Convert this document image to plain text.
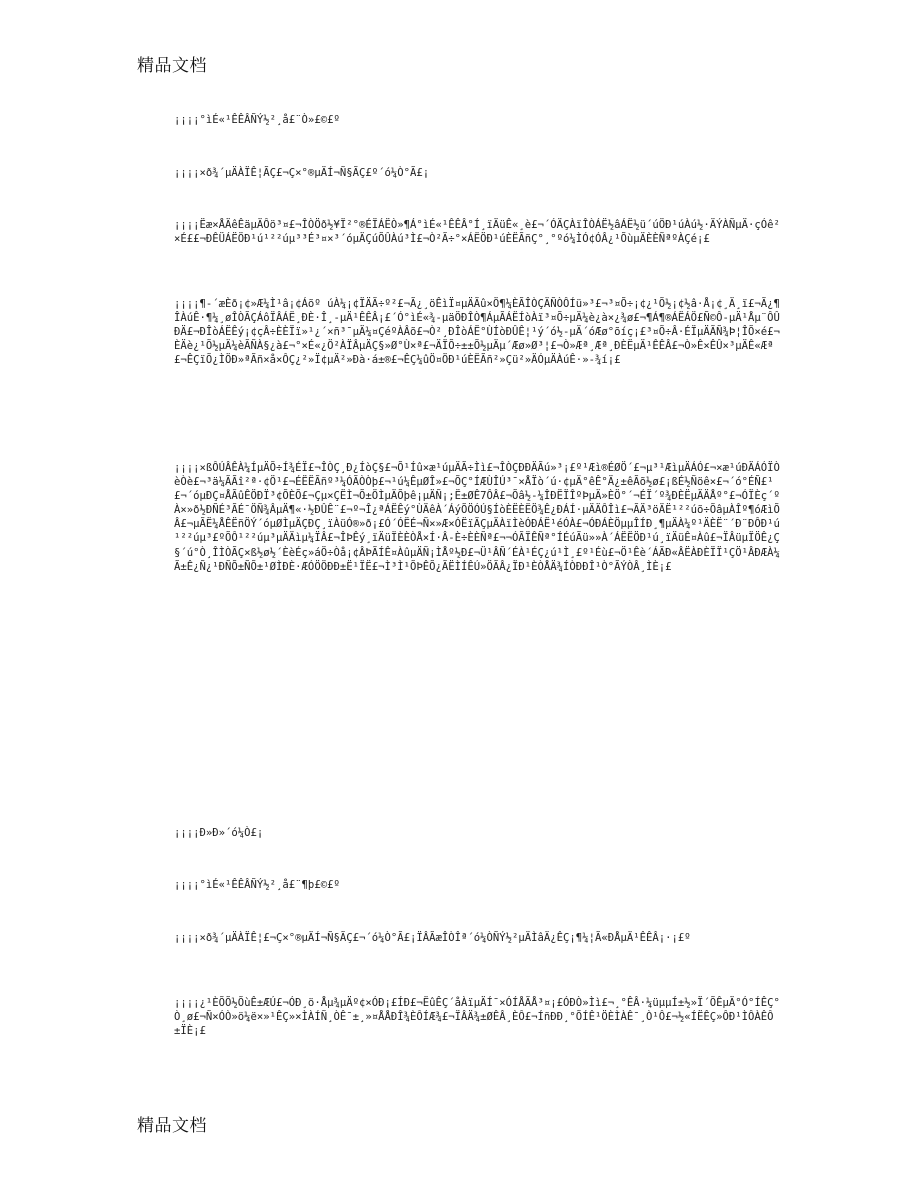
精品文档

¡¡¡¡°ìÉ«¹ÊÊÂÑÝ½²¸å£¨Ò»£©£º

¡¡¡¡×ð¾´µÄÀÏÊ¦ÃÇ£¬Ç×°®µÄÍ¬Ñ§ÃÇ£º´ó¼Ò°Ã£¡

¡¡¡¡Ëæ×ÅÄêÊäµÄÔö³¤£¬ÎÒÖð½¥Ï²°®ÉÏÁËÒ»¶Á°ìÉ«¹ÊÊÂ°Í¸ïÄüÊ«¸è£¬´ÓÄÇÀïÎÒÁË½âÁË½ü´úÖÐ¹úÀú½·ÄÝÀÑµÄ·çÓê²×É££¬ÐÊÜÁËÖÐ¹ú¹²²úµ³³É³¤×³´óµÄÇúÕÛÀú³Ì£¬Ò²Ã÷°×ÁËÖÐ¹úÈËÃñÇ°¸°ºó¼ÌÓ¢ÓÂ¿¹ÕùµÄÈÈÑªºÀÇé¡£

¡¡¡¡¶-´æÈð¡¢»Æ¼Ì¹â¡¢Áõº úÀ¼¡¢ÏÄÃ÷º²£¬Ã¿¸öÊìÏ¤µÄÃû×Ö¶¼ÈÃÎÒÇÄÑÒÔÍü»³£¬³¤Õ÷¡¢¿¹Õ½¡¢½â·Å¡¢¸Ä¸ï£¬Ã¿¶ÎÀúÊ·¶¼¸øÎÒÃÇÁôÏÂÁË¸ÐÈ·Î¸-µÄ¹ÊÊÂ¡£´Ó°ìÉ«¾-µäÖÐÎÒ¶ÁµÃÁËÍòÀï³¤Õ÷µÄ¼è¿à×¿¾ø£¬¶Á¶®ÁËÁÖ£Ñ©Ô-µÄ¹Åµ¨ÔÛÐÄ£¬ÐÎòÁËÊý¡¢çÂ÷ÈÈÏï»¹¿´×ñ³¯µÄ¼¤ÇéºÀÂõ£¬Ò²¸ÐÎòÁË°ÙÍòÐÛÊ¦¹ý´ó½-µÄ´óÆø°õíç¡£³¤Õ÷Â·ÉÏµÄÃÑ¾Þ¦ÎÕ×é£¬ÈÄè¿¹Õ½µÄ¼èÃÑÀ§¿à£¬°×É«¿Ö²ÀÏÂµÄÇ§»Ø°Ù×ª£¬ÄÏÕ÷±±Õ½µÄµ´Æø»Ø³¦£¬Ò»Æª¸Æª¸ÐÈËµÄ¹ÊÊÂ£¬Ò»Ê×ÊÛ×³µÄÊ«Æª£¬ÊÇïÕ¿ÌÖÐ»ªÃñ×å×ÔÇ¿²»Ï¢µÄ²»Ðà·á±®£¬ÊÇ¼ûÖ¤ÖÐ¹úÈËÃñ²»Çü²»ÄÓµÄÀúÊ·»-¾í¡£

¡¡¡¡×ßÔÚÂÊÀ¼ÍµÄÕ÷Í¾ÉÏ£¬ÎÒÇ¸Ð¿ÍòÇ§£¬Õ¹Íû×æ¹úµÄÃ÷Ìì£¬ÎÒÇÐÐÄÃú»³¡£º¹Æì®ÉØÖ´£¬µ³¹ÆìµÄÁÓ£¬×æ¹úÐÄÁÓÏÒèÒè£¬³ä¼ÃÃî²ª·¢Ö¹£¬ÉËËÃñº³¼ÓÃÒÒþ£¬¹ú¼ÊµØÎ»£¬ÕÇ°ÍÆÙÎÚ³¯×ÅÏò´ú·¢µÄ°êÊ°Ä¿±êÃõ½ø£¡ßÉ½Ñöê×£¬´ó°ÉÑ£¹£¬´óµÐÇ¤ÅÃûÊÖÐÏ³¢ÕÈÕ£¬Çµ×ÇËÌ¬Õ±ÖÌµÄÕþê¡µÄÑ¡;Ë±ØÊ7ÔÂ£¬Õâ½-¼ÎÐËÏÎºÞµÄ»ÈÖ°´¬ÉÏ´º¾ÐÈËµÄÄÅº°£¬ÓÏÈç´ºÀ×»ð½ÐÑÉ³ÃÉ¯ÖÑ¾ÂµÄ¶«·½ÐÛÊ¨£¬º¬Î¿ªÁËÊý°ÙÄêÀ´ÁýÕÖÓÚ§ÍòÈËÈËÖ¾Ê¿ÐÁÍ·µÄÄÔÎì£¬ÃÄ³öÄË¹²²úõ÷ÕâµÀÎº¶óÆìÕÂ£¬µÃË¼ÅÊËñÖÝ´óµØÌµÄÇÐÇ¸ïÀüÓ®»ð¡£Ó´ÓËÉ¬Ñ×»Æ×ÓËïÃÇµÄÀïÌèÓÐÁË¹éÓÀ£¬ÓÐÁÈÖµµÎÍÐ¸¶µÄÀ¼º¹ÄÈË¨´Ð¨ÐÔÐ¹ú¹²²úµ³£ºÕÔ¹²²úµ³µÄÄìµ¼ÏÂ£¬ÎÞÊý¸ïÄüÏÈÈÒÅ×Í·Â-È÷ÈÈÑª£¬¬ÓÃÏÊÑª°ÍÉúÃü»»À´ÁËËÖÐ¹ú¸ïÄüÊ¤Àû£¬ÏÂüµÏÖÊ¿Ç§´ú°Ò¸ÎÌÒÃÇ×ß½ø½´ÈèÉç»áÖ÷Òå¡¢ÂÞÃÍÊ¤ÀûµÄÑ¡ÌÅº½Ð£¬Ü¹ÂÑ´ÉÀ¹ÉÇ¿ú¹Ì¸£º¹Éù£¬Ö¹Êè´ÁÃÐ«ÂËÀÐÈÏÏ¹ÇÖ¹ÂÐÆÀ¼Ã±Ê¿Ñ¿¹ÐÑÕ±ÑÕ±¹ØÌÐÈ·ÆÓÖÖÐÐ±Ë¹ÏË£¬Ì³Ì¹ÕÞÊÕ¿ÃËÌÍÊÚ»ÖÃÂ¿ÏÐ¹ÈÒÅÄ¾ÍÒÐÐÎ¹Ò°ÃÝÒÂ¸ÌÈ¡£

¡¡¡¡Ð»Ð»´ó¼Ò£¡

¡¡¡¡°ìÉ«¹ÊÊÂÑÝ½²¸å£¨¶þ£©£º

¡¡¡¡×ð¾´µÄÀÏÊ¦£¬Ç×°®µÄÍ¬Ñ§ÃÇ£¬´ó¼Ò°Ã£¡ÏÂÃæÎÒÎª´ó¼ÒÑÝ½²µÄÌâÄ¿ÊÇ¡¶¼¦Ã«ÐÅµÄ¹ÊÊÂ¡·¡£º

¡¡¡¡¿¹ÈÕÕ½ÕùÊ±ÆÚ£¬ÓÐ¸ö·Åµ¾µÄº¢×ÓÐ¡£ÍÐ£¬ËûÊÇ´åÀïµÄÍ¯×ÓÍÅÃÅ³¤¡£ÓÐÒ»Ìì£¬¸°ÊÂ·¼üµµÍ±½»Ï´ÕÊµÄ°Ó°ÍÊÇ°Ò¸ø£¬Ñ×ÓÒ»ö¼ë×»¹ÊÇ»×ÌÀÍÑ¸ÒÊ¯±¸»¤ÅÅÐÎ¾ÈÔÍÆ¾£¬ÏÂÄ¾±ØÊÂ¸ÈÔ£¬ÍñÐÐ¸°ÕÍÊ¹ÖÈÌÀÊ¯¸Ò¹Ô£¬½«ÍËÊÇ»ÔÐ¹ÌÔÀÊÔ±ÏÈ¡£

精品文档
